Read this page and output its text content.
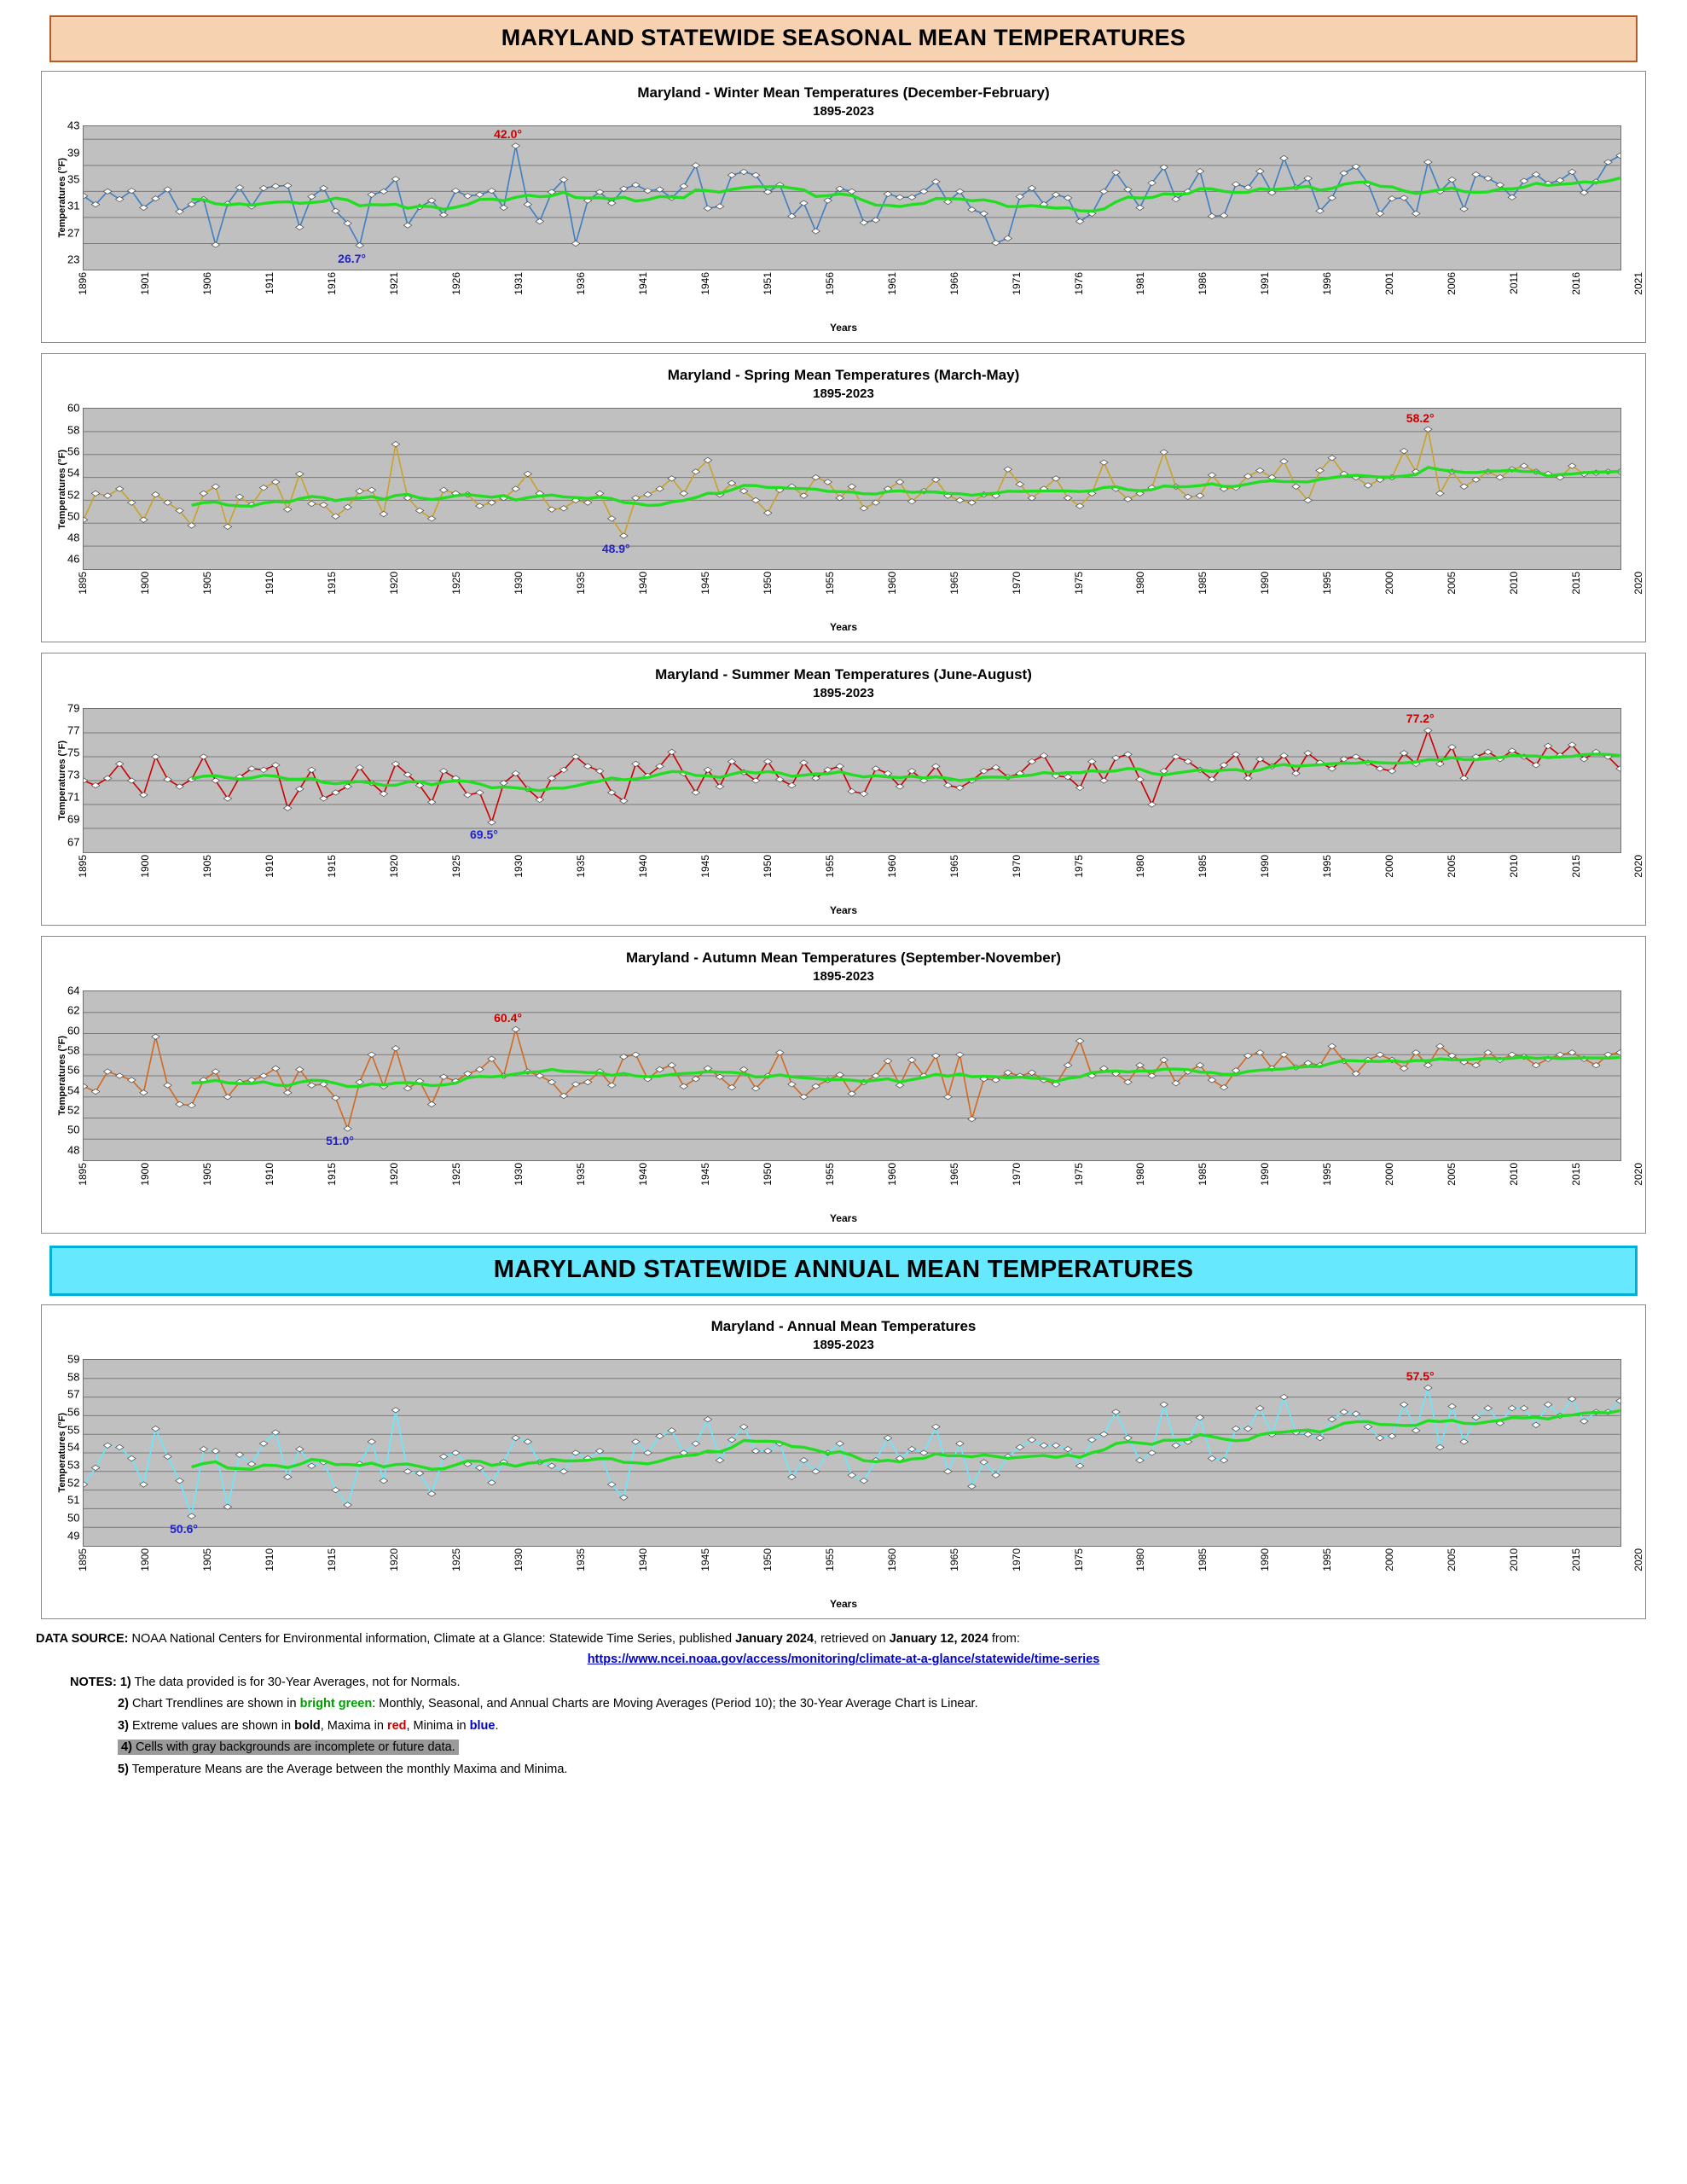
MARYLAND STATEWIDE SEASONAL MEAN TEMPERATURES
Maryland - Winter Mean Temperatures (December-February)
1895-2023
Temperatures (°F)
43
39
35
31
27
23
42.0°
26.7°
1896	1901	1906	1911	1916	1921	1926	1931	1936	1941	1946	1951	1956	1961	1966	1971	1976	1981	1986	1991	1996	2001	2006	2011	2016	2021
Years
Maryland - Spring Mean Temperatures (March-May)
1895-2023
Temperatures (°F)
60
58
56
54
52
50
48
46
58.2°
48.9°
1895	1900	1905	1910	1915	1920	1925	1930	1935	1940	1945	1950	1955	1960	1965	1970	1975	1980	1985	1990	1995	2000	2005	2010	2015	2020
Years
Maryland - Summer Mean Temperatures (June-August)
1895-2023
Temperatures (°F)
79
77
75
73
71
69
67
77.2°
69.5°
1895	1900	1905	1910	1915	1920	1925	1930	1935	1940	1945	1950	1955	1960	1965	1970	1975	1980	1985	1990	1995	2000	2005	2010	2015	2020
Years
Maryland - Autumn Mean Temperatures (September-November)
1895-2023
Temperatures (°F)
64
62
60
58
56
54
52
50
48
60.4°
51.0°
1895	1900	1905	1910	1915	1920	1925	1930	1935	1940	1945	1950	1955	1960	1965	1970	1975	1980	1985	1990	1995	2000	2005	2010	2015	2020
Years
MARYLAND STATEWIDE ANNUAL MEAN TEMPERATURES
Maryland - Annual Mean Temperatures
1895-2023
Temperatures (°F)
59
58
57
56
55
54
53
52
51
50
49
57.5°
50.6°
1895	1900	1905	1910	1915	1920	1925	1930	1935	1940	1945	1950	1955	1960	1965	1970	1975	1980	1985	1990	1995	2000	2005	2010	2015	2020
Years
DATA SOURCE: NOAA National Centers for Environmental information, Climate at a Glance: Statewide Time Series, published January 2024, retrieved on January 12, 2024 from:
https://www.ncei.noaa.gov/access/monitoring/climate-at-a-glance/statewide/time-series
NOTES: 1) The data provided is for 30-Year Averages, not for Normals.
2) Chart Trendlines are shown in bright green: Monthly, Seasonal, and Annual Charts are Moving Averages (Period 10); the 30-Year Average Chart is Linear.
3) Extreme values are shown in bold, Maxima in red, Minima in blue.
4) Cells with gray backgrounds are incomplete or future data.
5) Temperature Means are the Average between the monthly Maxima and Minima.
